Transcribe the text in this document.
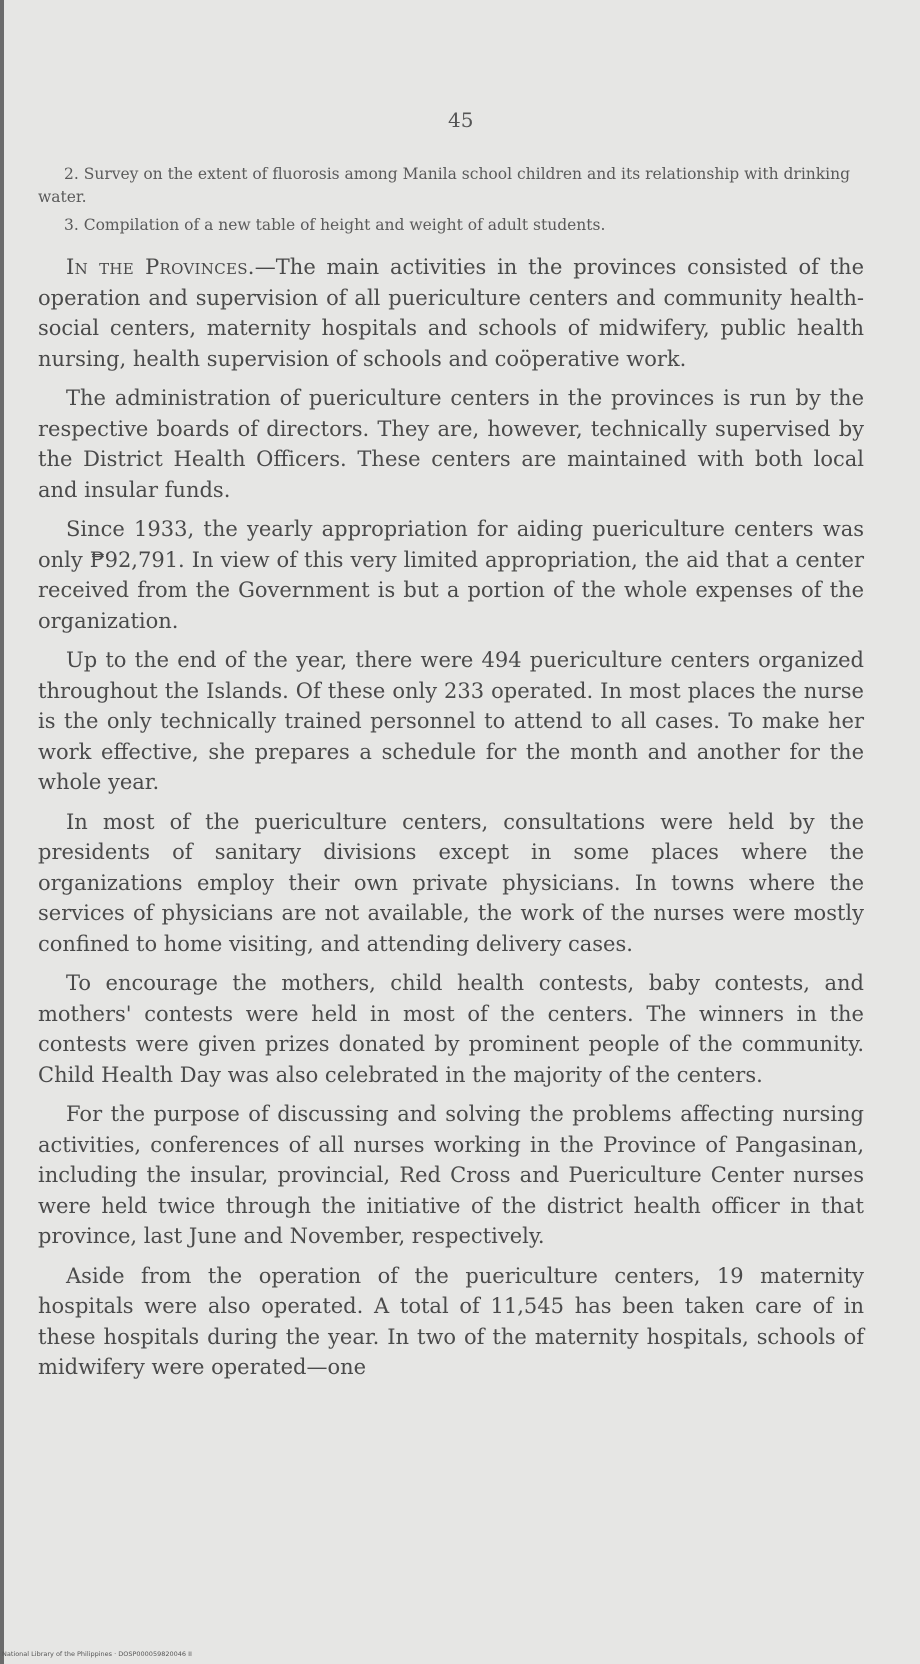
45
2. Survey on the extent of fluorosis among Manila school children and its relationship with drinking water.
3. Compilation of a new table of height and weight of adult students.

In the Provinces.—The main activities in the provinces consisted of the operation and supervision of all puericulture centers and community health-social centers, maternity hospitals and schools of midwifery, public health nursing, health supervision of schools and coöperative work.

The administration of puericulture centers in the provinces is run by the respective boards of directors. They are, however, technically supervised by the District Health Officers. These centers are maintained with both local and insular funds.

Since 1933, the yearly appropriation for aiding puericulture centers was only ₱92,791. In view of this very limited appropriation, the aid that a center received from the Government is but a portion of the whole expenses of the organization.

Up to the end of the year, there were 494 puericulture centers organized throughout the Islands. Of these only 233 operated. In most places the nurse is the only technically trained personnel to attend to all cases. To make her work effective, she prepares a schedule for the month and another for the whole year.

In most of the puericulture centers, consultations were held by the presidents of sanitary divisions except in some places where the organizations employ their own private physicians. In towns where the services of physicians are not available, the work of the nurses were mostly confined to home visiting, and attending delivery cases.

To encourage the mothers, child health contests, baby contests, and mothers' contests were held in most of the centers. The winners in the contests were given prizes donated by prominent people of the community. Child Health Day was also celebrated in the majority of the centers.

For the purpose of discussing and solving the problems affecting nursing activities, conferences of all nurses working in the Province of Pangasinan, including the insular, provincial, Red Cross and Puericulture Center nurses were held twice through the initiative of the district health officer in that province, last June and November, respectively.

Aside from the operation of the puericulture centers, 19 maternity hospitals were also operated. A total of 11,545 has been taken care of in these hospitals during the year. In two of the maternity hospitals, schools of midwifery were operated—one

National Library of the Philippines · DOSP000059820046 II
